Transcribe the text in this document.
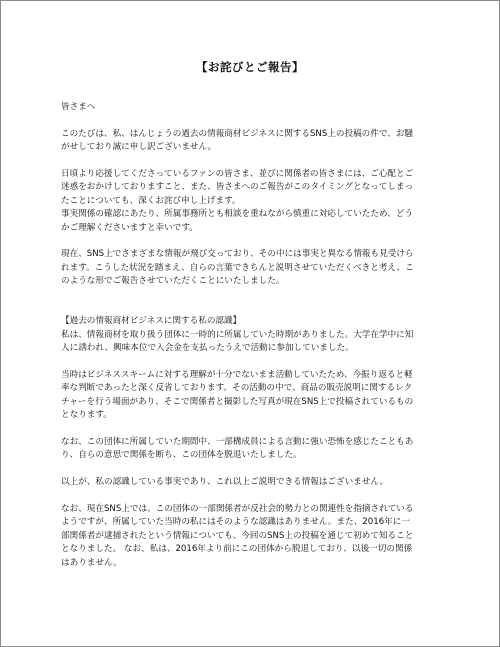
【お詫びとご報告】

皆さまへ

このたびは、私、はんじょうの過去の情報商材ビジネスに関するSNS上の投稿の件で、お騒
がせしており誠に申し訳ございません。

日頃より応援してくださっているファンの皆さま、並びに関係者の皆さまには、ご心配とご
迷惑をおかけしておりますこと、また、皆さまへのご報告がこのタイミングとなってしまっ
たことについても、深くお詫び申し上げます。

事実関係の確認にあたり、所属事務所とも相談を重ねながら慎重に対応していたため、どう
かご理解くださいますと幸いです。

現在、SNS上でさまざまな情報が飛び交っており、その中には事実と異なる情報も見受けら
れます。こうした状況を踏まえ、自らの言葉できちんと説明させていただくべきと考え、こ
のような形でご報告させていただくことにいたしました。

【過去の情報商材ビジネスに関する私の認識】
私は、情報商材を取り扱う団体に一時的に所属していた時期がありました。大学在学中に知
人に誘われ、興味本位で入会金を支払ったうえで活動に参加していました。

当時はビジネススキームに対する理解が十分でないまま活動していたため、今振り返ると軽
率な判断であったと深く反省しております。その活動の中で、商品の販売説明に関するレク
チャーを行う場面があり、そこで関係者と撮影した写真が現在SNS上で投稿されているもの
となります。

なお、この団体に所属していた期間中、一部構成員による言動に強い恐怖を感じたこともあ
り、自らの意思で関係を断ち、この団体を脱退いたしました。

以上が、私の認識している事実であり、これ以上ご説明できる情報はございません。

なお、現在SNS上では、この団体の一部関係者が反社会的勢力との関連性を指摘されている
ようですが、所属していた当時の私にはそのような認識はありません。また、2016年に一
部関係者が逮捕されたという情報についても、今回のSNS上の投稿を通じて初めて知ること
となりました。 なお、私は、2016年より前にこの団体から脱退しており、以後一切の関係
はありません。
